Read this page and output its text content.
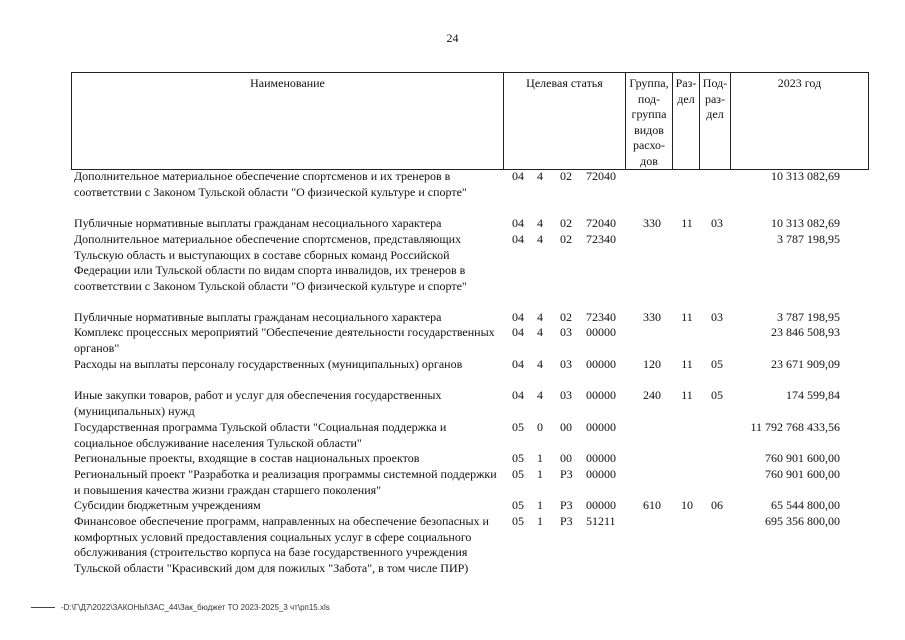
24
Наименование	Целевая статья	Группа, под- группа видов расхо- дов	Раз- дел	Под- раз- дел	2023 год
Дополнительное материальное обеспечение спортсменов и их тренеров в соответствии с Законом Тульской области "О физической культуре и спорте"
04 4	02	72040	10 313 082,69
Публичные нормативные выплаты гражданам несоциального характера	04 4	02	72040	330	11	03	10 313 082,69
Дополнительное материальное обеспечение спортсменов, представляющих Тульскую область и выступающих в составе сборных команд Российской Федерации или Тульской области по видам спорта инвалидов, их тренеров в соответствии с Законом Тульской области "О физической культуре и спорте"
04 4	02	72340	3 787 198,95
Публичные нормативные выплаты гражданам несоциального характера	04 4	02	72340	330	11	03	3 787 198,95
Комплекс процессных мероприятий "Обеспечение деятельности государственных органов"
04 4	03	00000	23 846 508,93
Расходы на выплаты персоналу государственных (муниципальных) органов	04 4	03	00000	120	11	05	23 671 909,09
Иные закупки товаров, работ и услуг для обеспечения государственных (муниципальных) нужд
04 4	03	00000	240	11	05	174 599,84
Государственная программа Тульской области "Социальная поддержка и социальное обслуживание населения Тульской области"
05 0	00	00000	11 792 768 433,56
Региональные проекты, входящие в состав национальных проектов	05 1	00	00000	760 901 600,00
Региональный проект "Разработка и реализация программы системной поддержки и повышения качества жизни граждан старшего поколения"
05 1	Р3	00000	760 901 600,00
Субсидии бюджетным учреждениям	05 1	Р3	00000	610	10	06	65 544 800,00
Финансовое обеспечение программ, направленных на обеспечение безопасных и комфортных условий предоставления социальных услуг в сфере социального обслуживания (строительство корпуса на базе государственного учреждения Тульской области "Красивский дом для пожилых "Забота", в том числе ПИР)
05 1	Р3	51211	695 356 800,00
-D:\Г\Д7\2022\ЗАКОНЫ\ЗАС_44\Зак_бюджет ТО 2023-2025_3 чт\рп15.xls
